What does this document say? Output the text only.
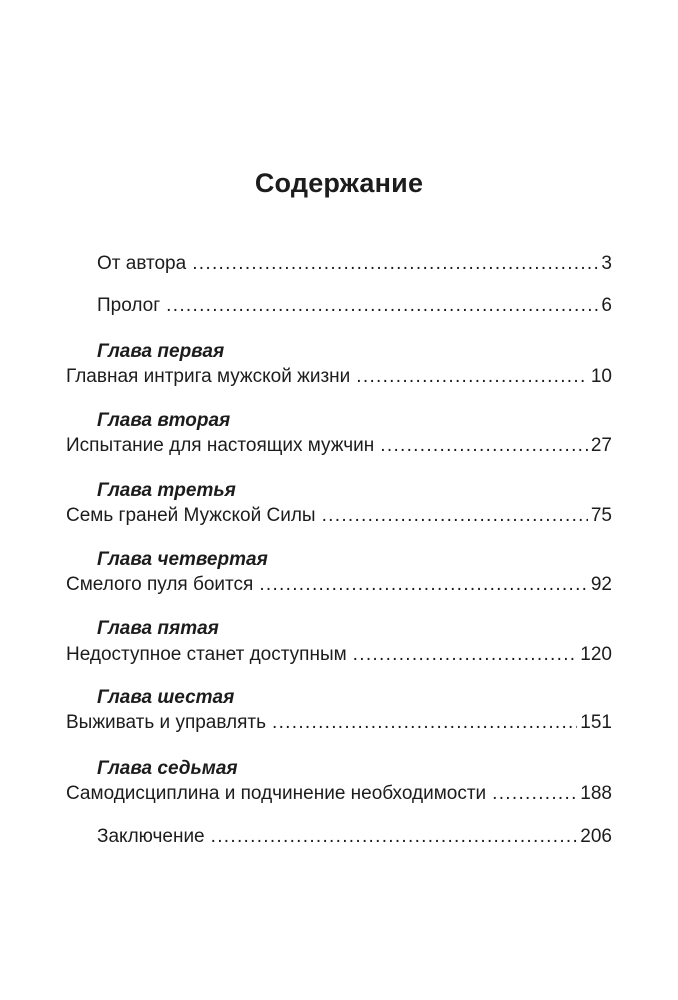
Содержание
От автора .....	3
Пролог .....	6
Глава первая
Главная интрига мужской жизни .....	10
Глава вторая
Испытание для настоящих мужчин .....	27
Глава третья
Семь граней Мужской Силы .....	75
Глава четвертая
Смелого пуля боится .....	92
Глава пятая
Недоступное станет доступным .....	120
Глава шестая
Выживать и управлять .....	151
Глава седьмая
Самодисциплина и подчинение необходимости .....	188
Заключение .....	206
